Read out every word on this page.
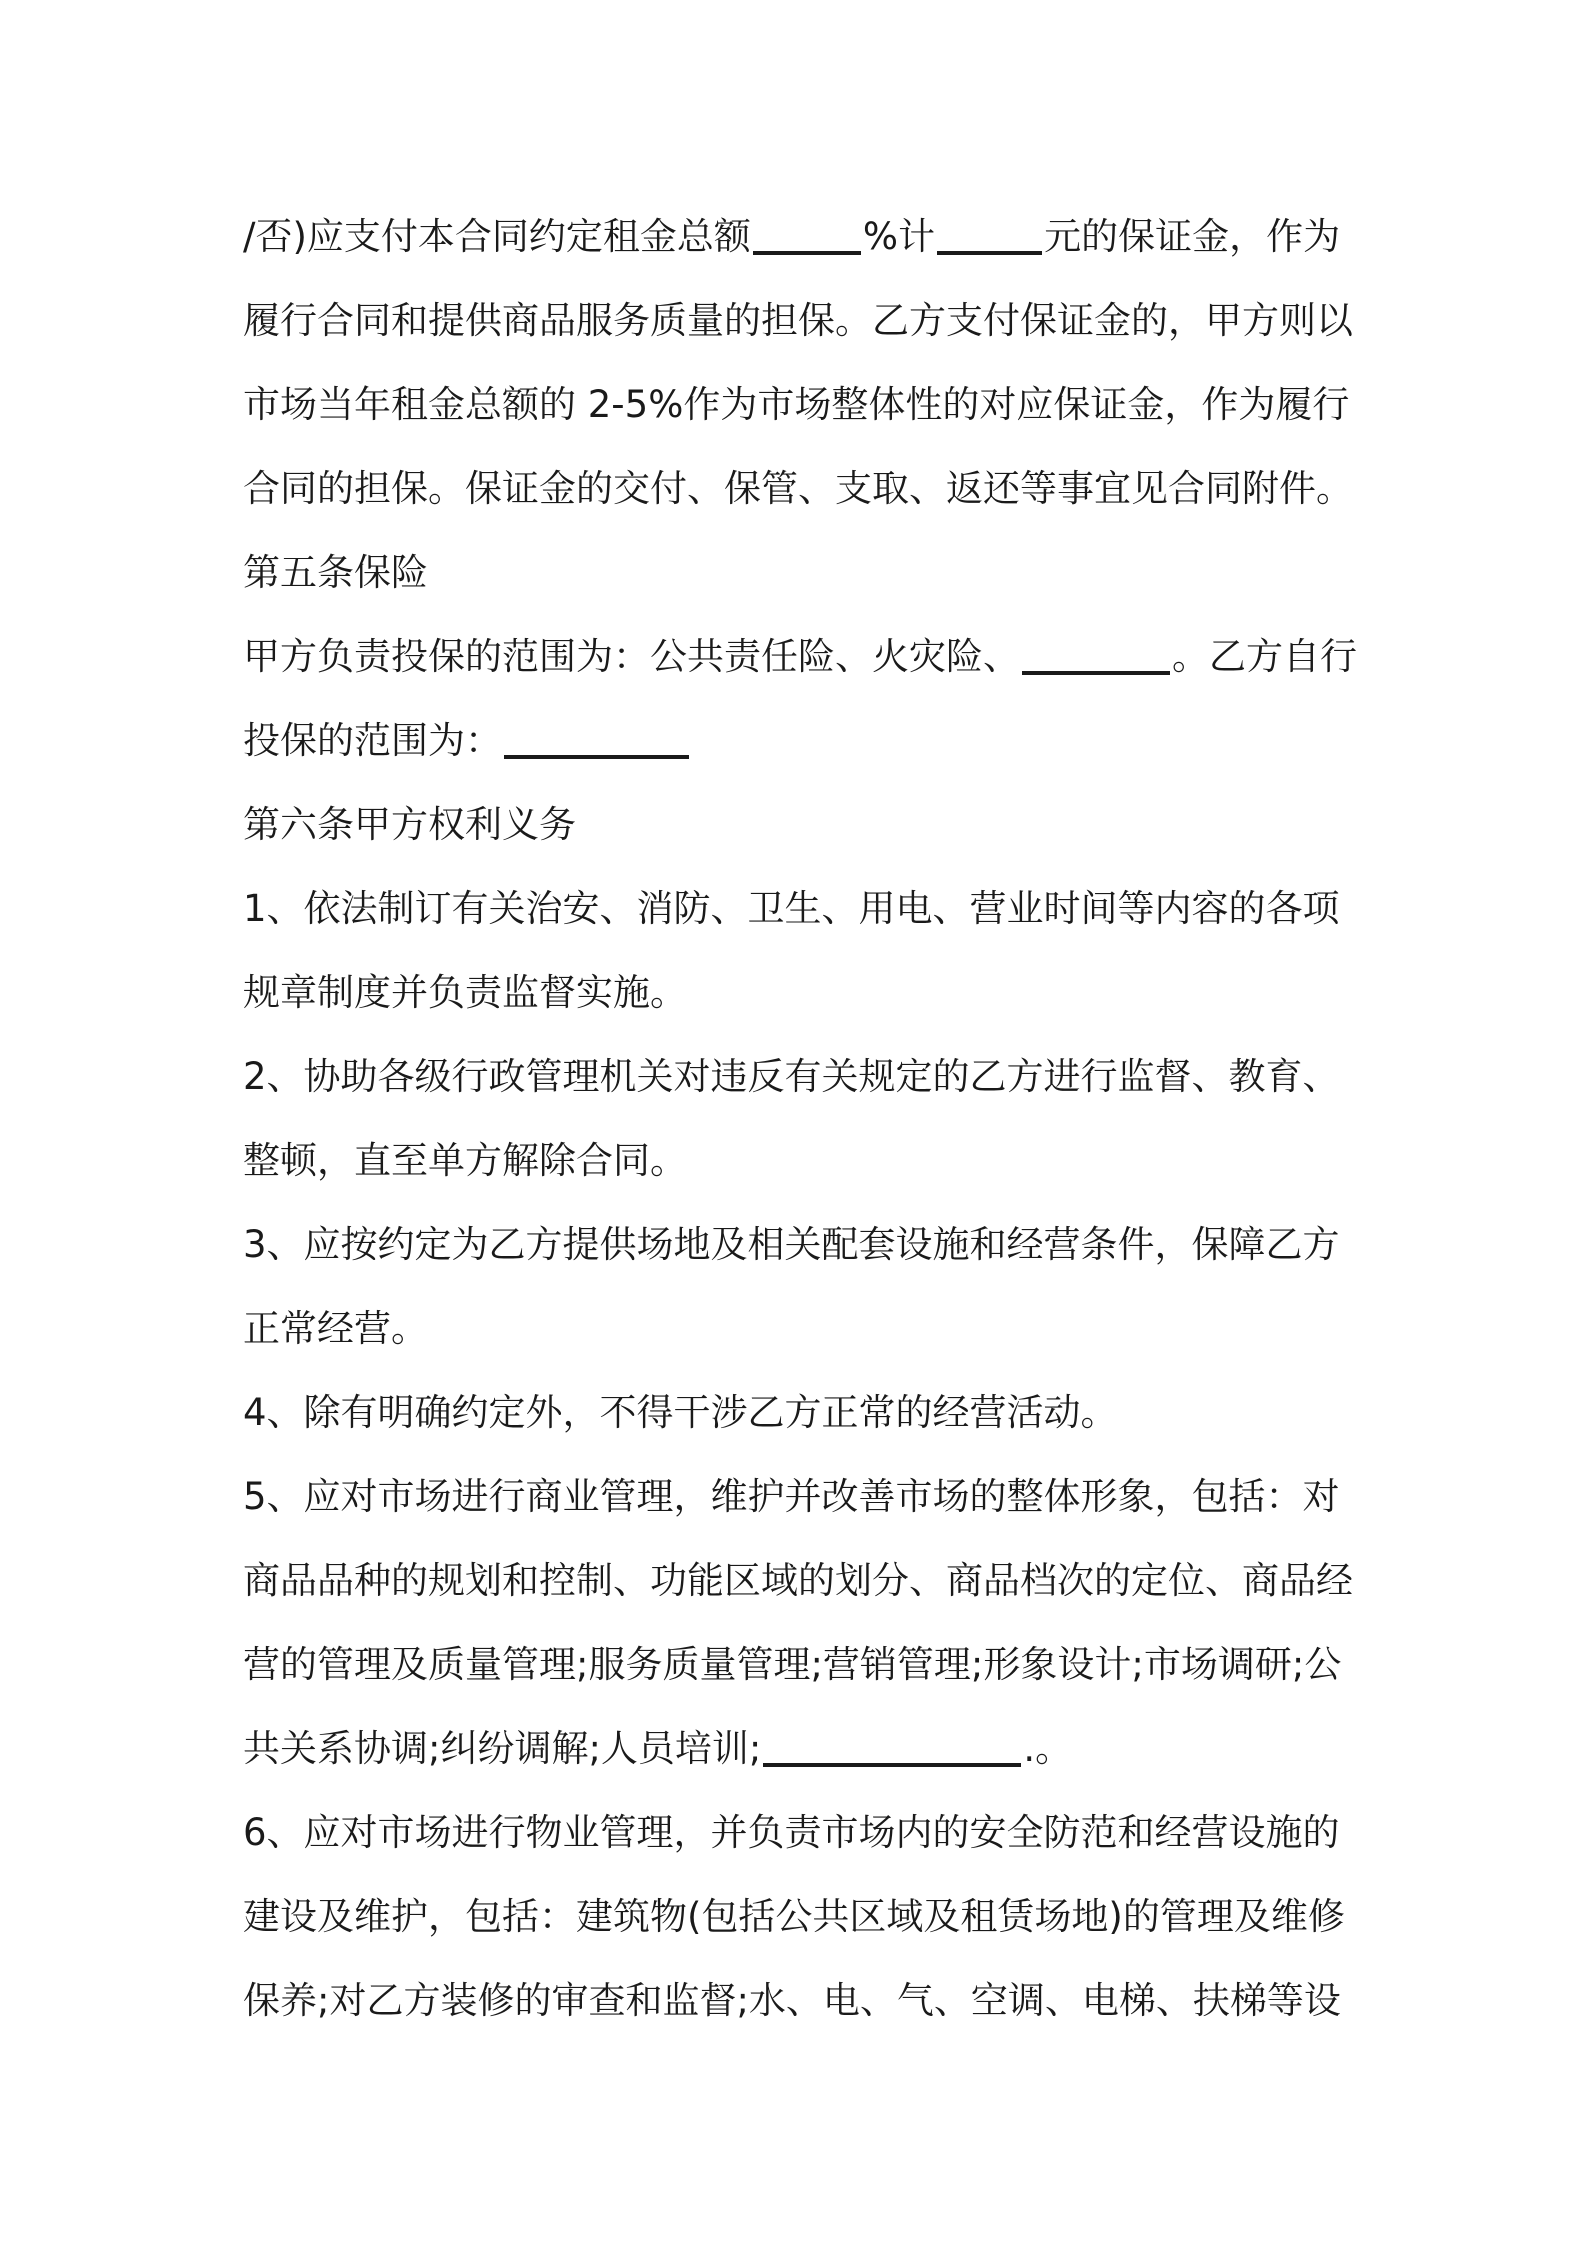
/否)应支付本合同约定租金总额	%计	元的保证金，作为
履行合同和提供商品服务质量的担保。乙方支付保证金的，甲方则以
市场当年租金总额的 2-5%作为市场整体性的对应保证金，作为履行
合同的担保。保证金的交付、保管、支取、返还等事宜见合同附件。
第五条保险
甲方负责投保的范围为：公共责任险、火灾险、	。乙方自行
投保的范围为：
第六条甲方权利义务
1、依法制订有关治安、消防、卫生、用电、营业时间等内容的各项
规章制度并负责监督实施。
2、协助各级行政管理机关对违反有关规定的乙方进行监督、教育、
整顿，直至单方解除合同。
3、应按约定为乙方提供场地及相关配套设施和经营条件，保障乙方
正常经营。
4、除有明确约定外，不得干涉乙方正常的经营活动。
5、应对市场进行商业管理，维护并改善市场的整体形象，包括：对
商品品种的规划和控制、功能区域的划分、商品档次的定位、商品经
营的管理及质量管理;服务质量管理;营销管理;形象设计;市场调研;公
共关系协调;纠纷调解;人员培训;	.。
6、应对市场进行物业管理，并负责市场内的安全防范和经营设施的
建设及维护，包括：建筑物(包括公共区域及租赁场地)的管理及维修
保养;对乙方装修的审查和监督;水、电、气、空调、电梯、扶梯等设
